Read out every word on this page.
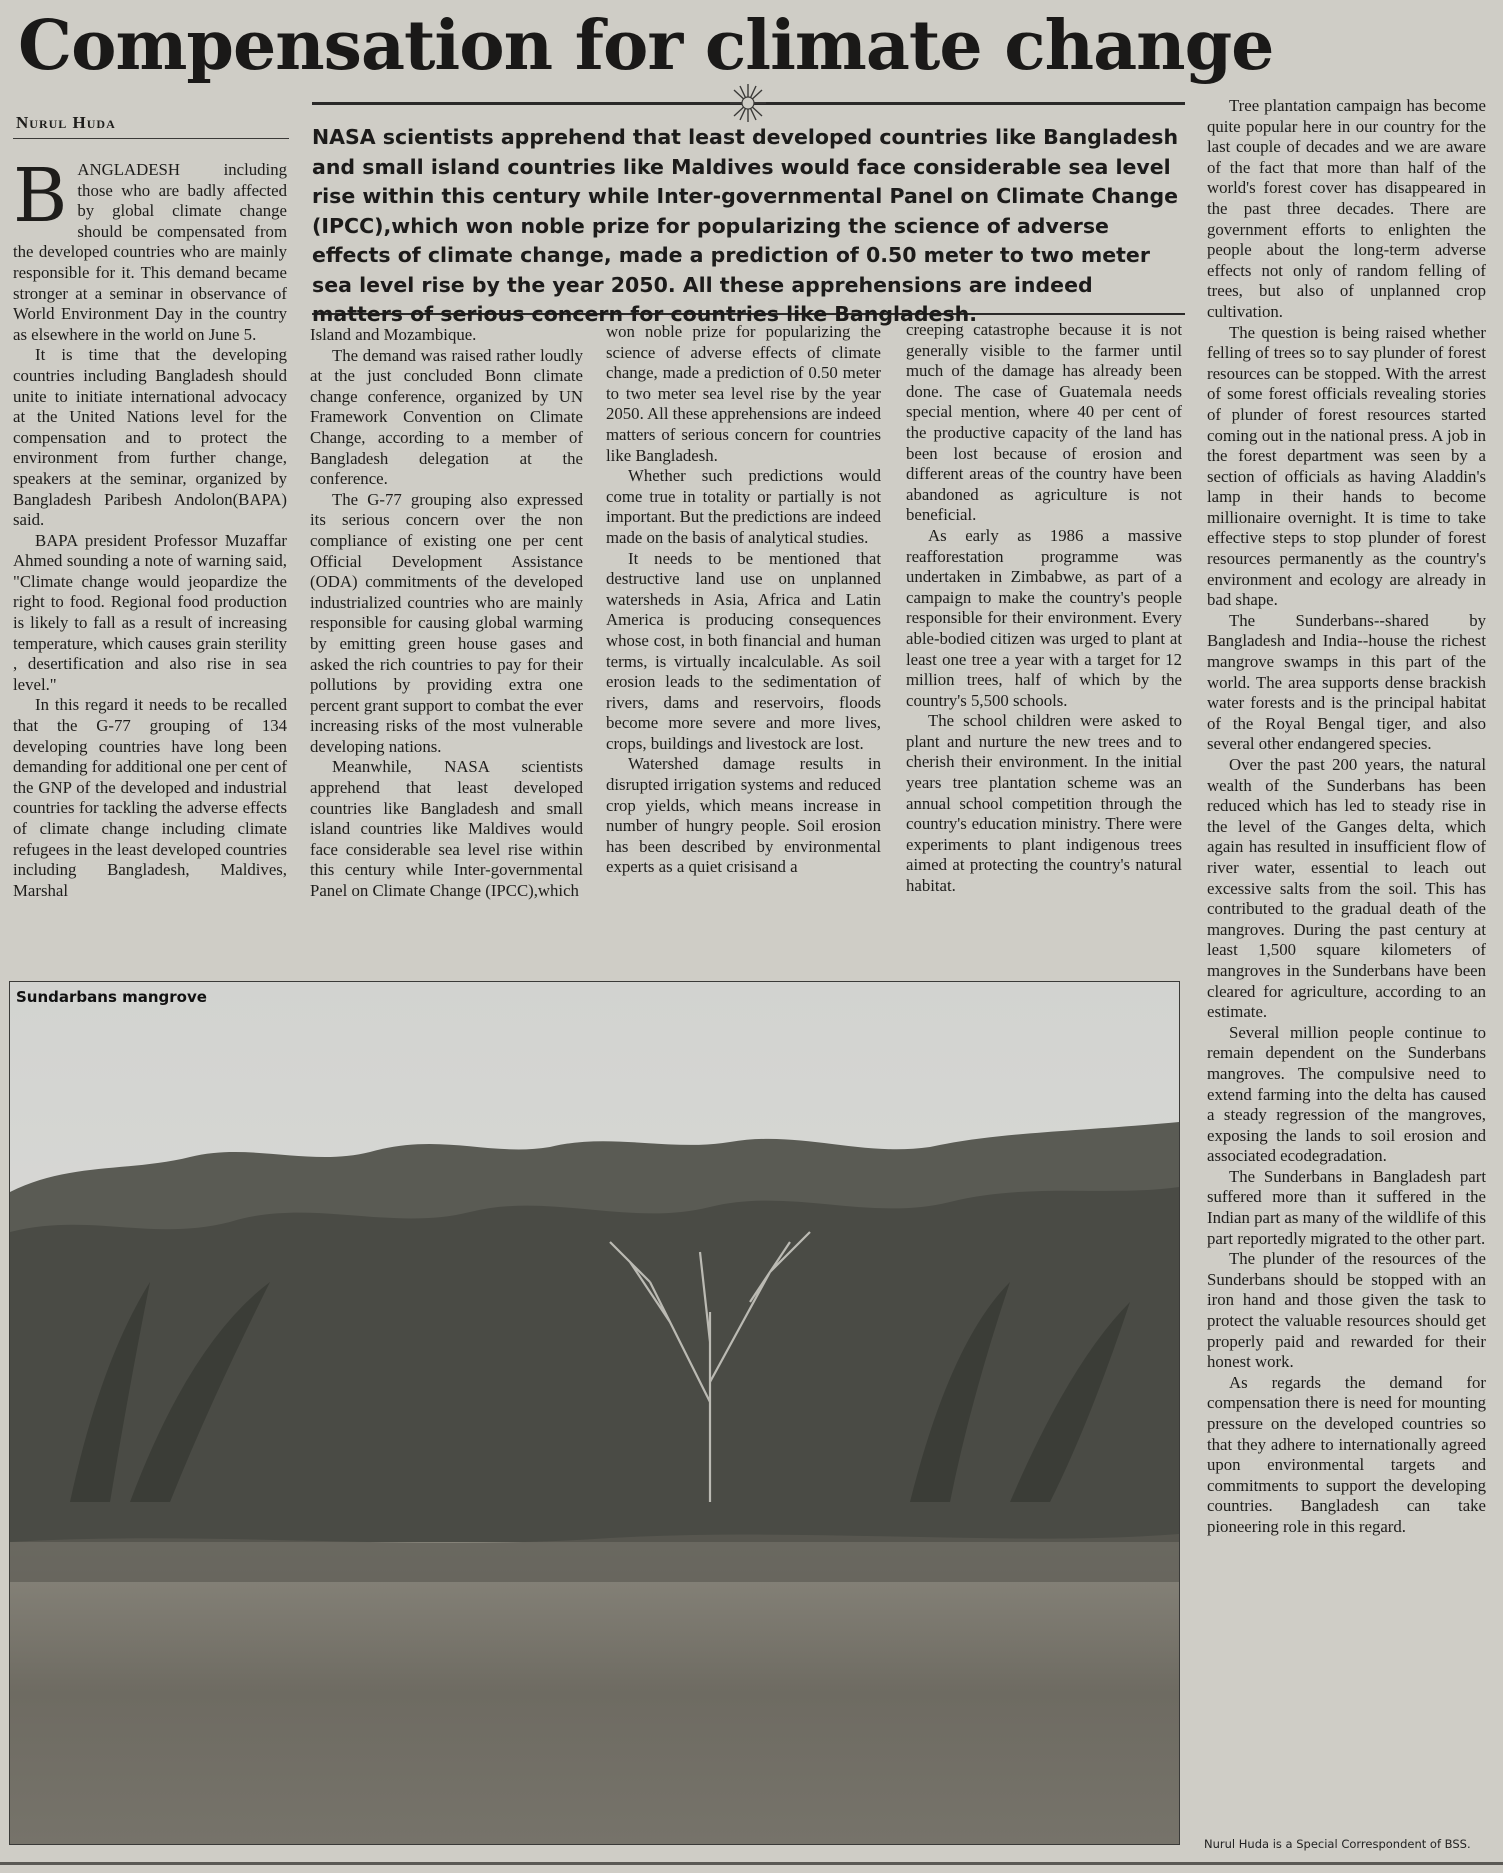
Compensation for climate change
Nurul Huda
NASA scientists apprehend that least developed countries like Bangladesh and small island countries like Maldives would face considerable sea level rise within this century while Inter-governmental Panel on Climate Change (IPCC),which won noble prize for popularizing the science of adverse effects of climate change, made a prediction of 0.50 meter to two meter sea level rise by the year 2050. All these apprehensions are indeed matters of serious concern for countries like Bangladesh.

BANGLADESH including those who are badly affected by global climate change should be compensated from the developed countries who are mainly responsible for it. This demand became stronger at a seminar in observance of World Environment Day in the country as elsewhere in the world on June 5.

It is time that the developing countries including Bangladesh should unite to initiate international advocacy at the United Nations level for the compensation and to protect the environment from further change, speakers at the seminar, organized by Bangladesh Paribesh Andolon(BAPA) said.

BAPA president Professor Muzaffar Ahmed sounding a note of warning said, "Climate change would jeopardize the right to food. Regional food production is likely to fall as a result of increasing temperature, which causes grain sterility , desertification and also rise in sea level."

In this regard it needs to be recalled that the G-77 grouping of 134 developing countries have long been demanding for additional one per cent of the GNP of the developed and industrial countries for tackling the adverse effects of climate change including climate refugees in the least developed countries including Bangladesh, Maldives, Marshal

Island and Mozambique.

The demand was raised rather loudly at the just concluded Bonn climate change conference, organized by UN Framework Convention on Climate Change, according to a member of Bangladesh delegation at the conference.

The G-77 grouping also expressed its serious concern over the non compliance of existing one per cent Official Development Assistance (ODA) commitments of the developed industrialized countries who are mainly responsible for causing global warming by emitting green house gases and asked the rich countries to pay for their pollutions by providing extra one percent grant support to combat the ever increasing risks of the most vulnerable developing nations.

Meanwhile, NASA scientists apprehend that least developed countries like Bangladesh and small island countries like Maldives would face considerable sea level rise within this century while Inter-governmental Panel on Climate Change (IPCC),which

won noble prize for popularizing the science of adverse effects of climate change, made a prediction of 0.50 meter to two meter sea level rise by the year 2050. All these apprehensions are indeed matters of serious concern for countries like Bangladesh.

Whether such predictions would come true in totality or partially is not important. But the predictions are indeed made on the basis of analytical studies.

It needs to be mentioned that destructive land use on unplanned watersheds in Asia, Africa and Latin America is producing consequences whose cost, in both financial and human terms, is virtually incalculable. As soil erosion leads to the sedimentation of rivers, dams and reservoirs, floods become more severe and more lives, crops, buildings and livestock are lost.

Watershed damage results in disrupted irrigation systems and reduced crop yields, which means increase in number of hungry people. Soil erosion has been described by environmental experts as a quiet crisisand a

creeping catastrophe because it is not generally visible to the farmer until much of the damage has already been done. The case of Guatemala needs special mention, where 40 per cent of the productive capacity of the land has been lost because of erosion and different areas of the country have been abandoned as agriculture is not beneficial.

As early as 1986 a massive reafforestation programme was undertaken in Zimbabwe, as part of a campaign to make the country's people responsible for their environment. Every able-bodied citizen was urged to plant at least one tree a year with a target for 12 million trees, half of which by the country's 5,500 schools.

The school children were asked to plant and nurture the new trees and to cherish their environment. In the initial years tree plantation scheme was an annual school competition through the country's education ministry. There were experiments to plant indigenous trees aimed at protecting the country's natural habitat.

Tree plantation campaign has become quite popular here in our country for the last couple of decades and we are aware of the fact that more than half of the world's forest cover has disappeared in the past three decades. There are government efforts to enlighten the people about the long-term adverse effects not only of random felling of trees, but also of unplanned crop cultivation.

The question is being raised whether felling of trees so to say plunder of forest resources can be stopped. With the arrest of some forest officials revealing stories of plunder of forest resources started coming out in the national press. A job in the forest department was seen by a section of officials as having Aladdin's lamp in their hands to become millionaire overnight. It is time to take effective steps to stop plunder of forest resources permanently as the country's environment and ecology are already in bad shape.

The Sunderbans--shared by Bangladesh and India--house the richest mangrove swamps in this part of the world. The area supports dense brackish water forests and is the principal habitat of the Royal Bengal tiger, and also several other endangered species.

Over the past 200 years, the natural wealth of the Sunderbans has been reduced which has led to steady rise in the level of the Ganges delta, which again has resulted in insufficient flow of river water, essential to leach out excessive salts from the soil. This has contributed to the gradual death of the mangroves. During the past century at least 1,500 square kilometers of mangroves in the Sunderbans have been cleared for agriculture, according to an estimate.

Several million people continue to remain dependent on the Sunderbans mangroves. The compulsive need to extend farming into the delta has caused a steady regression of the mangroves, exposing the lands to soil erosion and associated ecodegradation.

The Sunderbans in Bangladesh part suffered more than it suffered in the Indian part as many of the wildlife of this part reportedly migrated to the other part.

The plunder of the resources of the Sunderbans should be stopped with an iron hand and those given the task to protect the valuable resources should get properly paid and rewarded for their honest work.

As regards the demand for compensation there is need for mounting pressure on the developed countries so that they adhere to internationally agreed upon environmental targets and commitments to support the developing countries. Bangladesh can take pioneering role in this regard.

Sundarbans mangrove
Nurul Huda is a Special Correspondent of BSS.
